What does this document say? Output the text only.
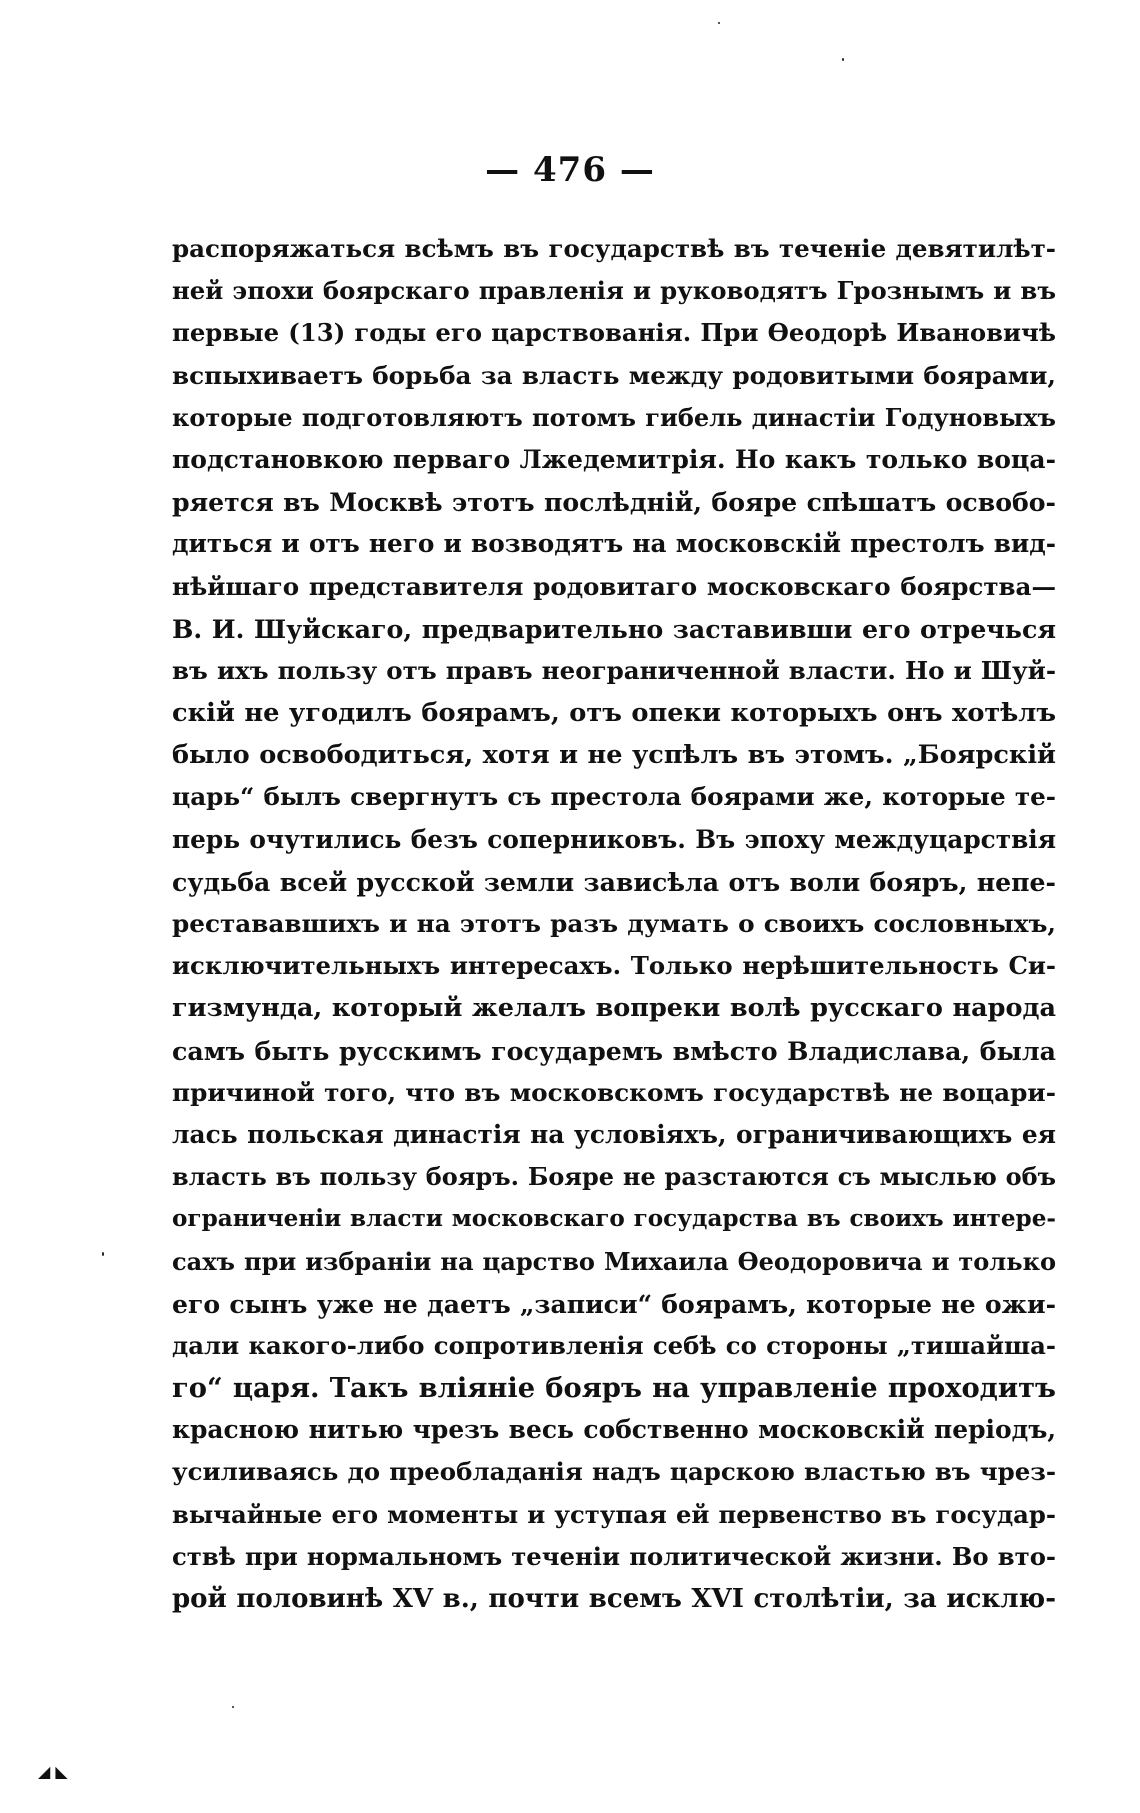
— 476 —
распоряжаться всѣмъ въ государствѣ въ теченіе девятилѣт-
ней эпохи боярскаго правленія и руководятъ Грознымъ и въ
первые (13) годы его царствованія. При Ѳеодорѣ Ивановичѣ
вспыхиваетъ борьба за власть между родовитыми боярами,
которые подготовляютъ потомъ гибель династіи Годуновыхъ
подстановкою перваго Лжедемитрія. Но какъ только воца-
ряется въ Москвѣ этотъ послѣдній, бояре спѣшатъ освобо-
диться и отъ него и возводятъ на московскій престолъ вид-
нѣйшаго представителя родовитаго московскаго боярства—
В. И. Шуйскаго, предварительно заставивши его отречься
въ ихъ пользу отъ правъ неограниченной власти. Но и Шуй-
скій не угодилъ боярамъ, отъ опеки которыхъ онъ хотѣлъ
было освободиться, хотя и не успѣлъ въ этомъ. „Боярскій
царь“ былъ свергнутъ съ престола боярами же, которые те-
перь очутились безъ соперниковъ. Въ эпоху междуцарствія
судьба всей русской земли зависѣла отъ воли бояръ, непе-
рестававшихъ и на этотъ разъ думать о своихъ сословныхъ,
исключительныхъ интересахъ. Только нерѣшительность Си-
гизмунда, который желалъ вопреки волѣ русскаго народа
самъ быть русскимъ государемъ вмѣсто Владислава, была
причиной того, что въ московскомъ государствѣ не воцари-
лась польская династія на условіяхъ, ограничивающихъ ея
власть въ пользу бояръ. Бояре не разстаются съ мыслью объ
ограниченіи власти московскаго государства въ своихъ интере-
сахъ при избраніи на царство Михаила Ѳеодоровича и только
его сынъ уже не даетъ „записи“ боярамъ, которые не ожи-
дали какого-либо сопротивленія себѣ со стороны „тишайша-
го“ царя. Такъ вліяніе бояръ на управленіе проходитъ
красною нитью чрезъ весь собственно московскій періодъ,
усиливаясь до преобладанія надъ царскою властью въ чрез-
вычайные его моменты и уступая ей первенство въ государ-
ствѣ при нормальномъ теченіи политической жизни. Во вто-
рой половинѣ XV в., почти всемъ XVI столѣтіи, за исклю-
◢ ◣
